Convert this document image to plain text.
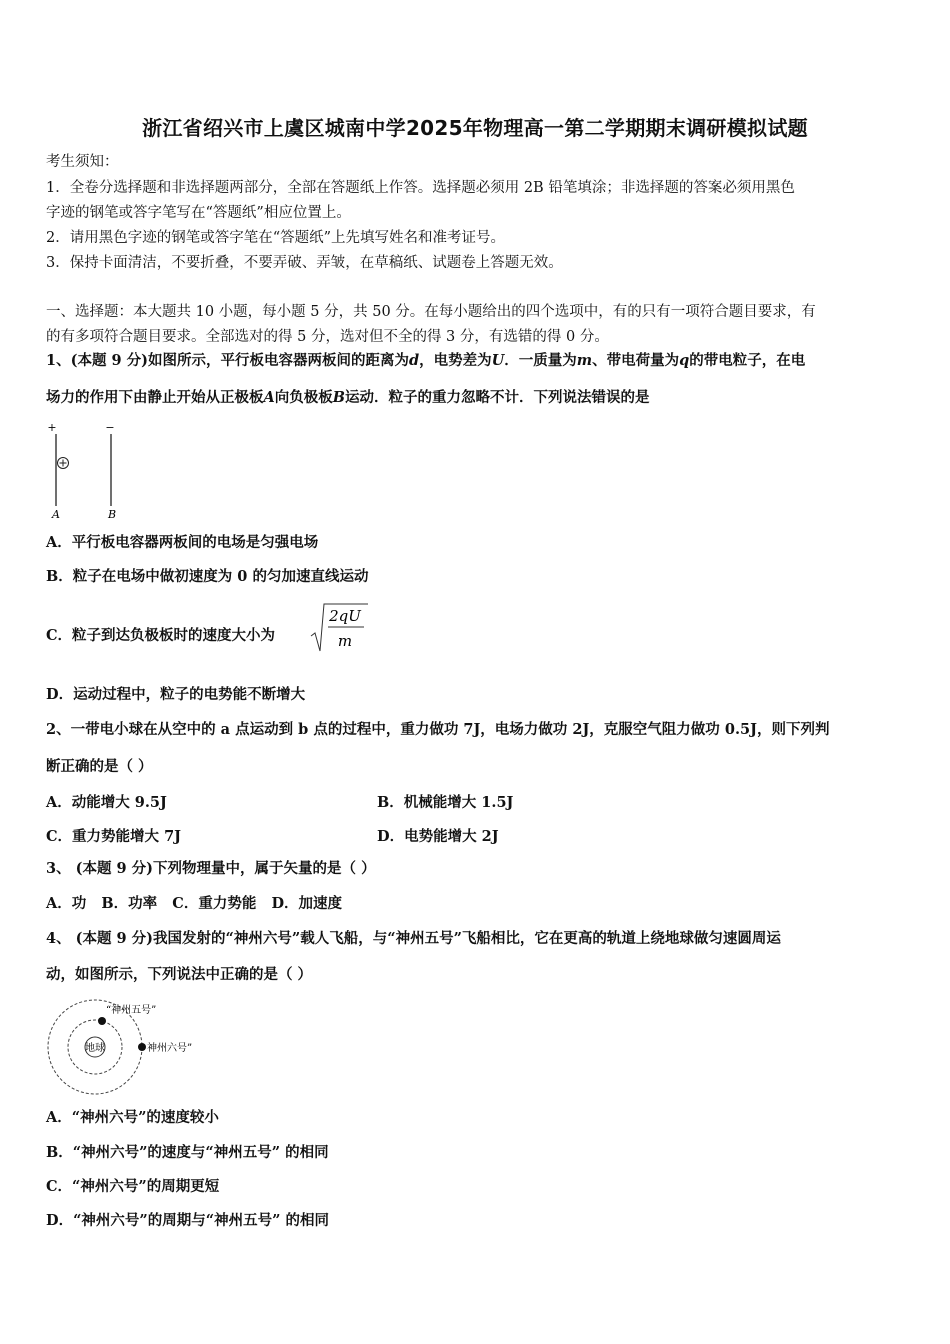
浙江省绍兴市上虞区城南中学2025年物理高一第二学期期末调研模拟试题
考生须知：
1．全卷分选择题和非选择题两部分，全部在答题纸上作答。选择题必须用 2B 铅笔填涂；非选择题的答案必须用黑色
字迹的钢笔或答字笔写在“答题纸”相应位置上。
2．请用黑色字迹的钢笔或答字笔在“答题纸”上先填写姓名和准考证号。
3．保持卡面清洁，不要折叠，不要弄破、弄皱，在草稿纸、试题卷上答题无效。
一、选择题：本大题共 10 小题，每小题 5 分，共 50 分。在每小题给出的四个选项中，有的只有一项符合题目要求，有
的有多项符合题目要求。全部选对的得 5 分，选对但不全的得 3 分，有选错的得 0 分。
1、(本题 9 分)如图所示，平行板电容器两板间的距离为d，电势差为U．一质量为m、带电荷量为q的带电粒子，在电
场力的作用下由静止开始从正极板A向负极板B运动．粒子的重力忽略不计．下列说法错误的是
+	−
A	B
A．平行板电容器两板间的电场是匀强电场
B．粒子在电场中做初速度为 0 的匀加速直线运动
C．粒子到达负极板时的速度大小为
2qU
m
D．运动过程中，粒子的电势能不断增大
2、一带电小球在从空中的 a 点运动到 b 点的过程中，重力做功 7J，电场力做功 2J，克服空气阻力做功 0.5J，则下列判
断正确的是（ ）
A．动能增大 9.5J	B．机械能增大 1.5J
C．重力势能增大 7J	D．电势能增大 2J
3、 (本题 9 分)下列物理量中，属于矢量的是（ ）
A．功   B．功率   C．重力势能   D．加速度
4、 (本题 9 分)我国发射的“神州六号”载人飞船，与“神州五号”飞船相比，它在更高的轨道上绕地球做匀速圆周运
动，如图所示，下列说法中正确的是（ ）
地球
“神州五号”
神州六号”
A．“神州六号”的速度较小
B．“神州六号”的速度与“神州五号” 的相同
C．“神州六号”的周期更短
D．“神州六号”的周期与“神州五号” 的相同
